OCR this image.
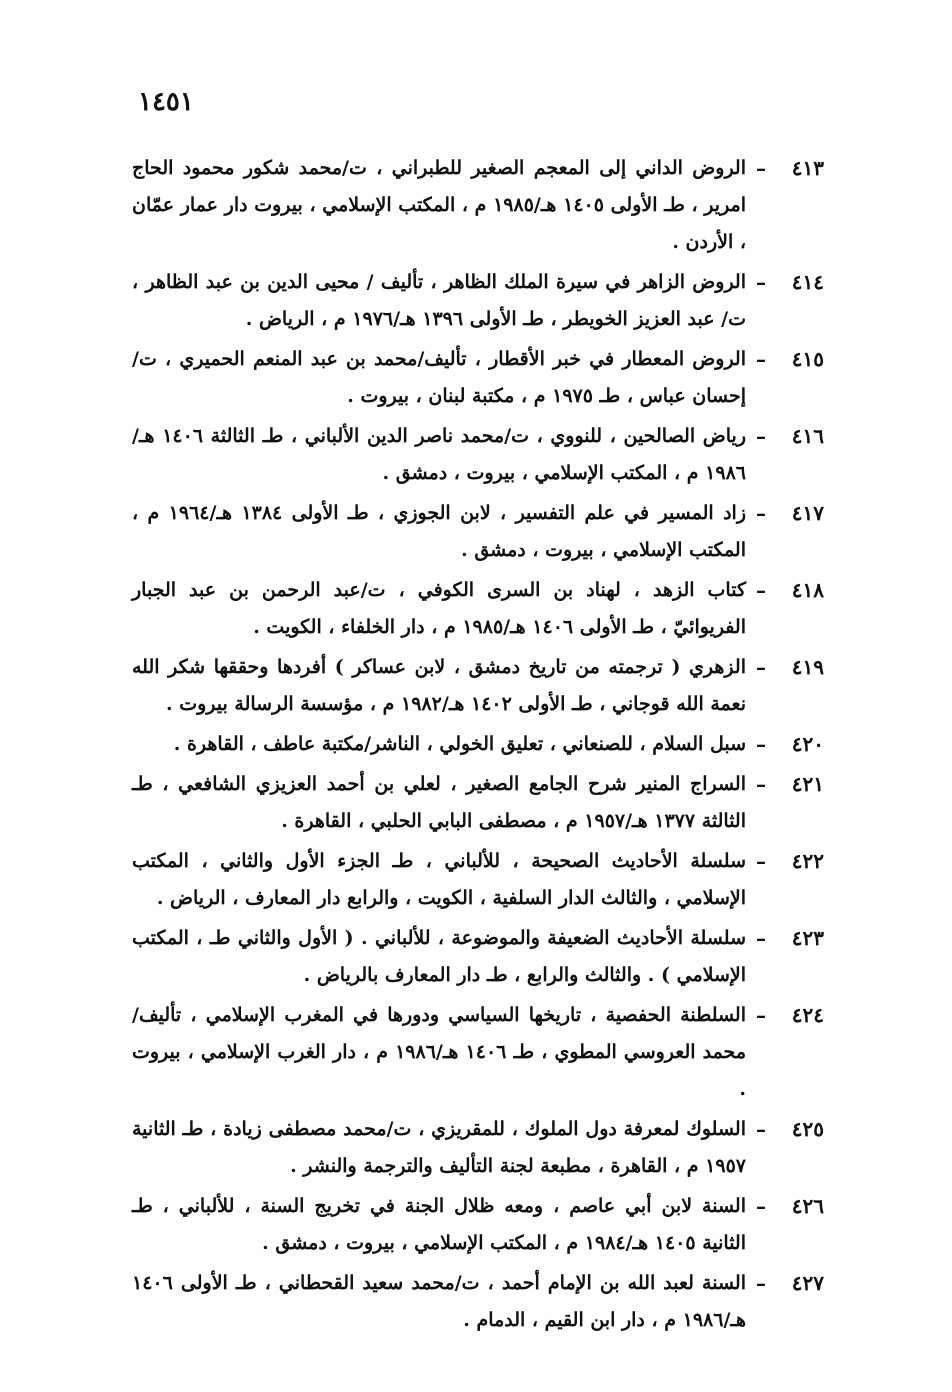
١٤٥١
٤١٣
–
الروض الداني إلى المعجم الصغير للطبراني ، ت/محمد شكور محمود الحاج امرير ، طـ الأولى ١٤٠٥ هـ/١٩٨٥ م ، المكتب الإسلامي ، بيروت دار عمار عمّان ، الأردن .
٤١٤
–
الروض الزاهر في سيرة الملك الظاهر ، تأليف / محيى الدين بن عبد الظاهر ، ت/ عبد العزيز الخويطر ، طـ الأولى ١٣٩٦ هـ/١٩٧٦ م ، الرياض .
٤١٥
–
الروض المعطار في خبر الأقطار ، تأليف/محمد بن عبد المنعم الحميري ، ت/إحسان عباس ، طـ ١٩٧٥ م ، مكتبة لبنان ، بيروت .
٤١٦
–
رياض الصالحين ، للنووي ، ت/محمد ناصر الدين الألباني ، طـ الثالثة ١٤٠٦ هـ/ ١٩٨٦ م ، المكتب الإسلامي ، بيروت ، دمشق .
٤١٧
–
زاد المسير في علم التفسير ، لابن الجوزي ، طـ الأولى ١٣٨٤ هـ/١٩٦٤ م ، المكتب الإسلامي ، بيروت ، دمشق .
٤١٨
–
كتاب الزهد ، لهناد بن السرى الكوفي ، ت/عبد الرحمن بن عبد الجبار الفريوائيّ ، طـ الأولى ١٤٠٦ هـ/١٩٨٥ م ، دار الخلفاء ، الكويت .
٤١٩
–
الزهري ( ترجمته من تاريخ دمشق ، لابن عساكر ) أفردها وحققها شكر الله نعمة الله قوجاني ، طـ الأولى ١٤٠٢ هـ/١٩٨٢ م ، مؤسسة الرسالة بيروت .
٤٢٠
–
سبل السلام ، للصنعاني ، تعليق الخولي ، الناشر/مكتبة عاطف ، القاهرة .
٤٢١
–
السراج المنير شرح الجامع الصغير ، لعلي بن أحمد العزيزي الشافعي ، طـ الثالثة ١٣٧٧ هـ/١٩٥٧ م ، مصطفى البابي الحلبي ، القاهرة .
٤٢٢
–
سلسلة الأحاديث الصحيحة ، للألباني ، طـ الجزء الأول والثاني ، المكتب الإسلامي ، والثالث الدار السلفية ، الكويت ، والرابع دار المعارف ، الرياض .
٤٢٣
–
سلسلة الأحاديث الضعيفة والموضوعة ، للألباني . ( الأول والثاني طـ ، المكتب الإسلامي ) . والثالث والرابع ، طـ دار المعارف بالرياض .
٤٢٤
–
السلطنة الحفصية ، تاريخها السياسي ودورها في المغرب الإسلامي ، تأليف/محمد العروسي المطوي ، طـ ١٤٠٦ هـ/١٩٨٦ م ، دار الغرب الإسلامي ، بيروت .
٤٢٥
–
السلوك لمعرفة دول الملوك ، للمقريزي ، ت/محمد مصطفى زيادة ، طـ الثانية ١٩٥٧ م ، القاهرة ، مطبعة لجنة التأليف والترجمة والنشر .
٤٢٦
–
السنة لابن أبي عاصم ، ومعه ظلال الجنة في تخريج السنة ، للألباني ، طـ الثانية ١٤٠٥ هـ/١٩٨٤ م ، المكتب الإسلامي ، بيروت ، دمشق .
٤٢٧
–
السنة لعبد الله بن الإمام أحمد ، ت/محمد سعيد القحطاني ، طـ الأولى ١٤٠٦ هـ/١٩٨٦ م ، دار ابن القيم ، الدمام .
